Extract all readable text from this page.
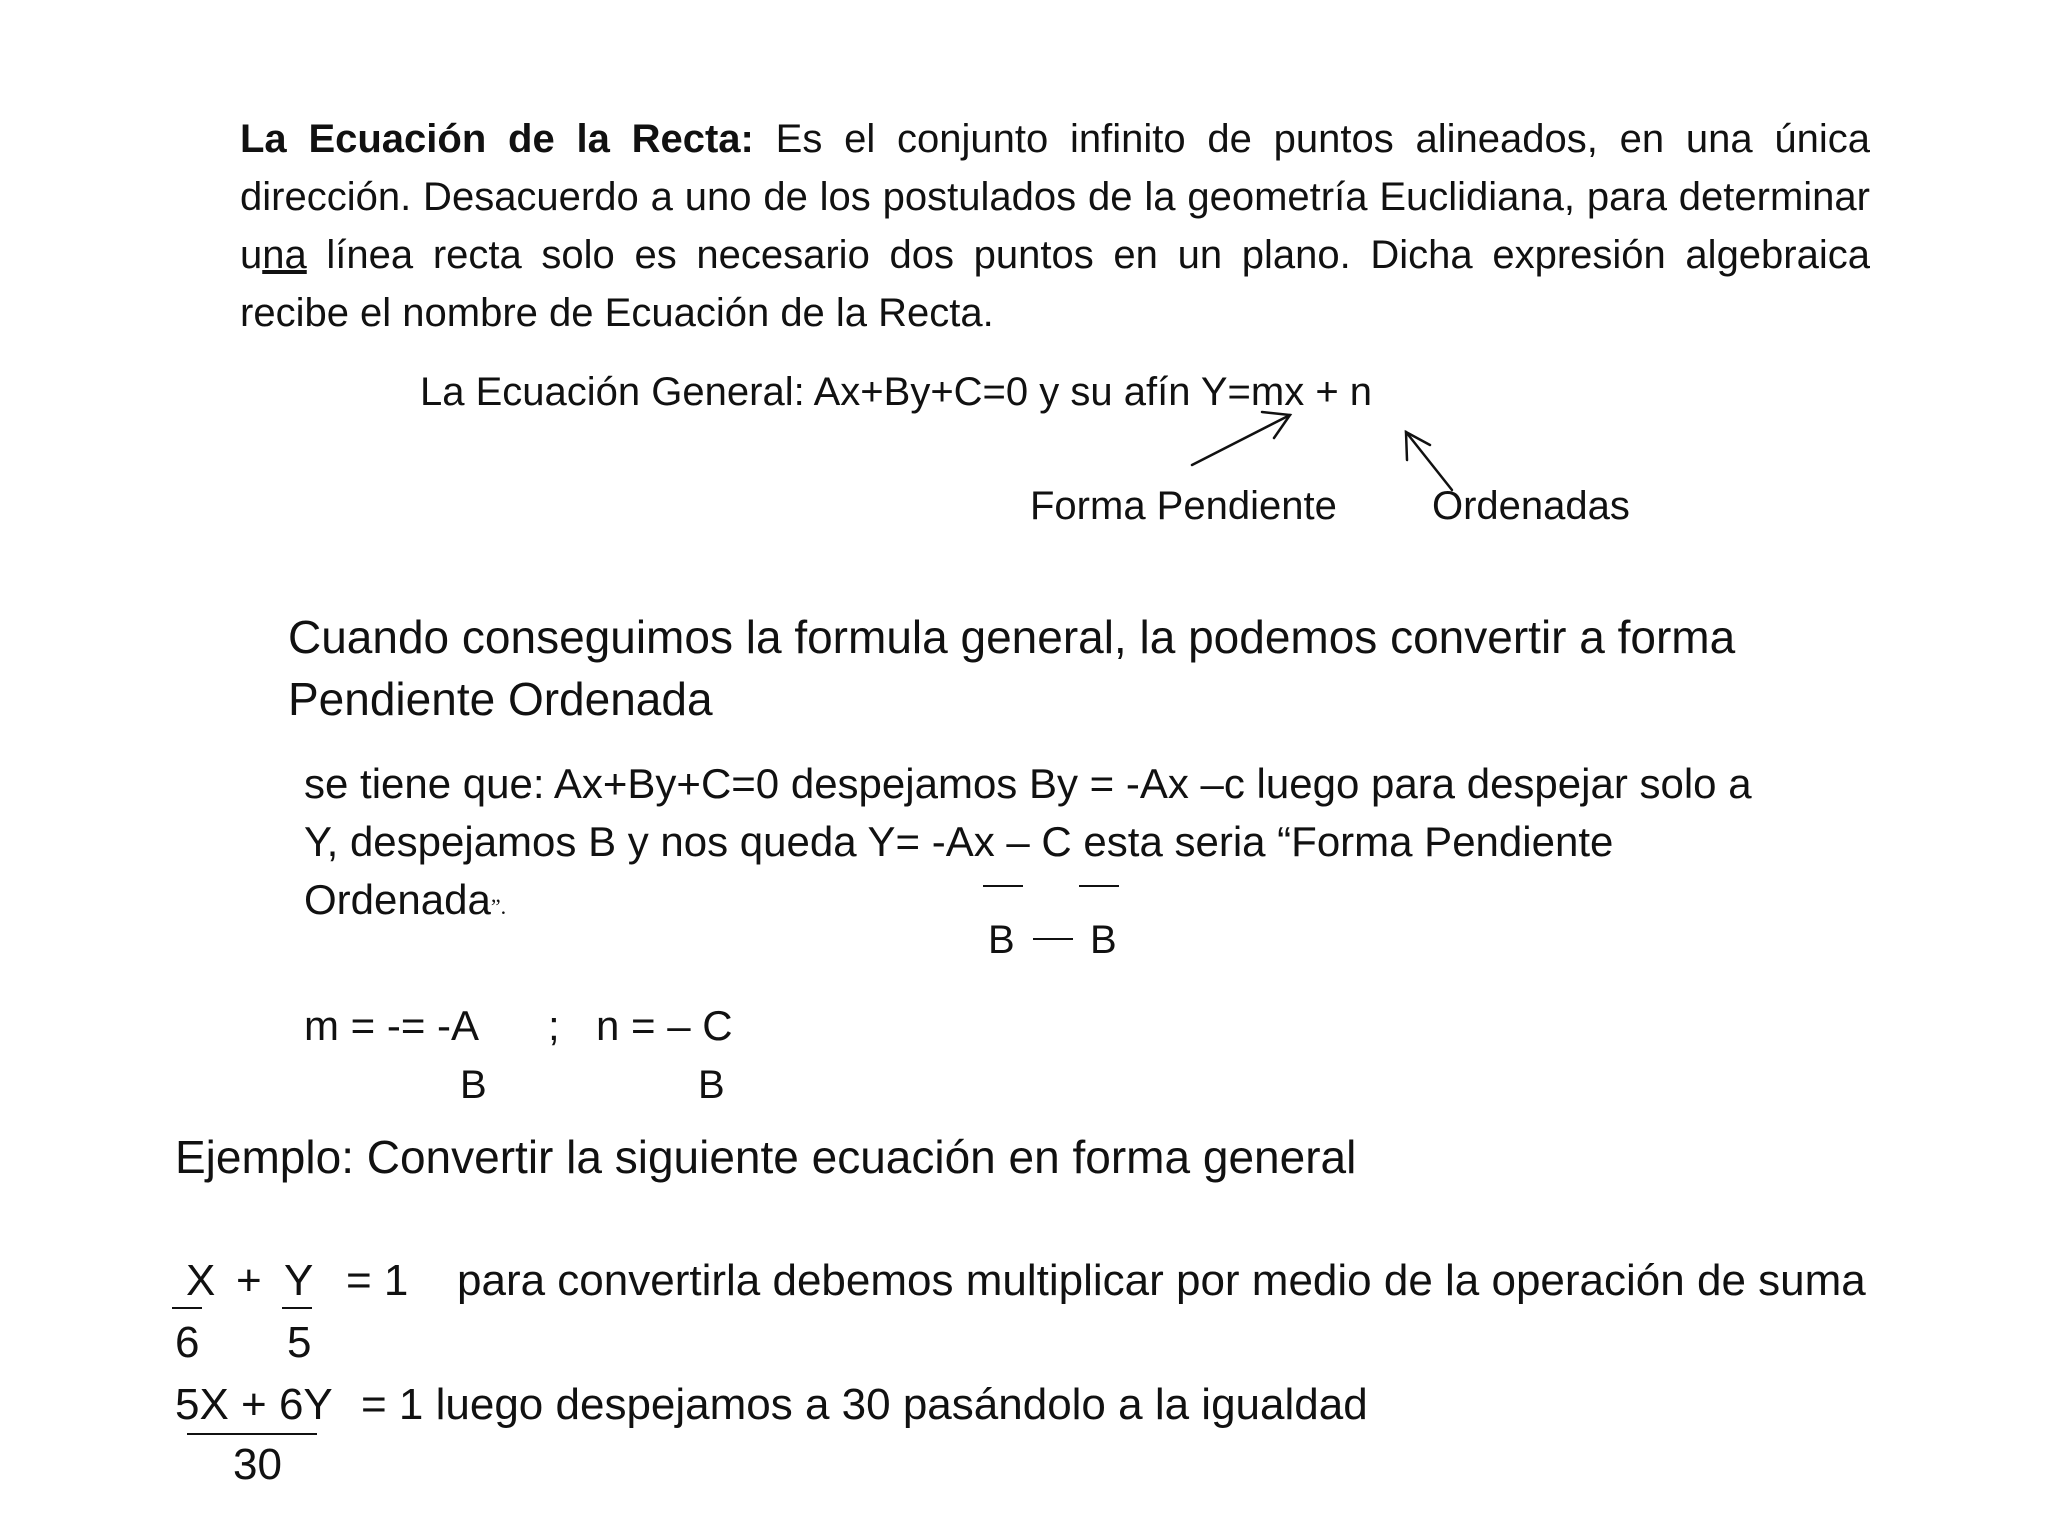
La Ecuación de la Recta: Es el conjunto infinito de puntos alineados, en una única dirección. Desacuerdo a uno de los postulados de la geometría Euclidiana, para determinar una línea recta solo es necesario dos puntos en un plano. Dicha expresión algebraica recibe el nombre de Ecuación de la Recta.
La Ecuación General: Ax+By+C=0 y su afín Y=mx + n
Forma Pendiente Ordenadas
Cuando conseguimos la formula general, la podemos convertir a forma
Pendiente Ordenada
se tiene que: Ax+By+C=0 despejamos By = -Ax –c luego para despejar solo a
Y, despejamos B y nos queda Y= -Ax – C esta seria “Forma Pendiente
Ordenada”.
B B
m = -= -A ; n = – C
B	B
Ejemplo: Convertir la siguiente ecuación en forma general
X + Y = 1 para convertirla debemos multiplicar por medio de la operación de suma
6 5
5X + 6Y = 1 luego despejamos a 30 pasándolo a la igualdad
30
